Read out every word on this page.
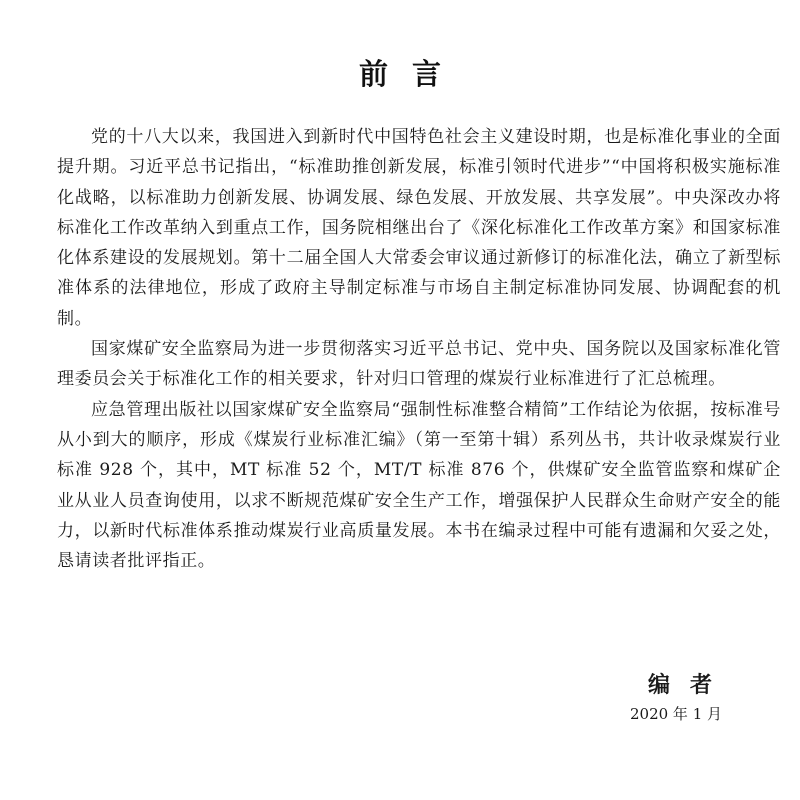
前言

党的十八大以来，我国进入到新时代中国特色社会主义建设时期，也是标准化事业的全面提升期。习近平总书记指出，“标准助推创新发展，标准引领时代进步”“中国将积极实施标准化战略，以标准助力创新发展、协调发展、绿色发展、开放发展、共享发展”。中央深改办将标准化工作改革纳入到重点工作，国务院相继出台了《深化标准化工作改革方案》和国家标准化体系建设的发展规划。第十二届全国人大常委会审议通过新修订的标准化法，确立了新型标准体系的法律地位，形成了政府主导制定标准与市场自主制定标准协同发展、协调配套的机制。

国家煤矿安全监察局为进一步贯彻落实习近平总书记、党中央、国务院以及国家标准化管理委员会关于标准化工作的相关要求，针对归口管理的煤炭行业标准进行了汇总梳理。

应急管理出版社以国家煤矿安全监察局“强制性标准整合精简”工作结论为依据，按标准号从小到大的顺序，形成《煤炭行业标准汇编》（第一至第十辑）系列丛书，共计收录煤炭行业标准 928 个，其中，MT 标准 52 个，MT/T 标准 876 个，供煤矿安全监管监察和煤矿企业从业人员查询使用，以求不断规范煤矿安全生产工作，增强保护人民群众生命财产安全的能力，以新时代标准体系推动煤炭行业高质量发展。本书在编录过程中可能有遗漏和欠妥之处，恳请读者批评指正。

编者
2020 年 1 月
